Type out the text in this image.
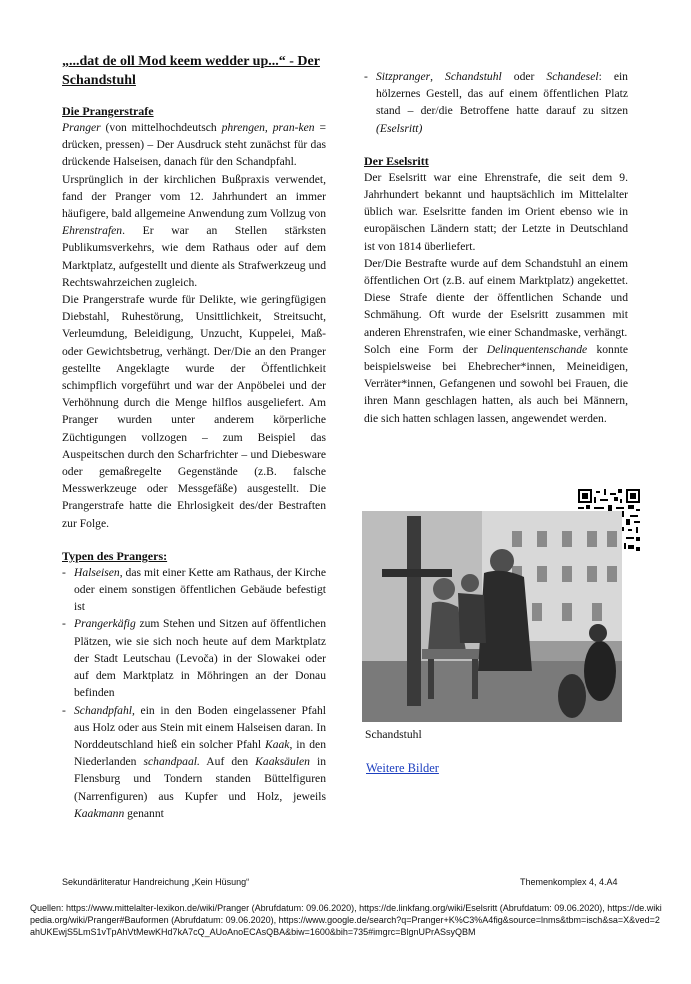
„...dat de oll Mod keem wedder up...“ - Der Schandstuhl
Die Prangerstrafe
Pranger (von mittelhochdeutsch phrengen, pran-ken = drücken, pressen) – Der Ausdruck steht zunächst für das drückende Halseisen, danach für den Schandpfahl.
Ursprünglich in der kirchlichen Bußpraxis verwendet, fand der Pranger vom 12. Jahrhundert an immer häufigere, bald allgemeine Anwendung zum Vollzug von Ehrenstrafen. Er war an Stellen stärksten Publikumsverkehrs, wie dem Rathaus oder auf dem Marktplatz, aufgestellt und diente als Strafwerkzeug und Rechtswahrzeichen zugleich.
Die Prangerstrafe wurde für Delikte, wie geringfügigen Diebstahl, Ruhestörung, Unsittlichkeit, Streitsucht, Verleumdung, Beleidigung, Unzucht, Kuppelei, Maß- oder Gewichtsbetrug, verhängt. Der/Die an den Pranger gestellte Angeklagte wurde der Öffentlichkeit schimpflich vorgeführt und war der Anpöbelei und der Verhöhnung durch die Menge hilflos ausgeliefert. Am Pranger wurden unter anderem körperliche Züchtigungen vollzogen – zum Beispiel das Auspeitschen durch den Scharfrichter – und Diebesware oder gemaßregelte Gegenstände (z.B. falsche Messwerkzeuge oder Messgefäße) ausgestellt. Die Prangerstrafe hatte die Ehrlosigkeit des/der Bestraften zur Folge.
Typen des Prangers:
- Halseisen, das mit einer Kette am Rathaus, der Kirche oder einem sonstigen öffentlichen Gebäude befestigt ist
- Prangerkäfig zum Stehen und Sitzen auf öffentlichen Plätzen, wie sie sich noch heute auf dem Marktplatz der Stadt Leutschau (Levoča) in der Slowakei oder auf dem Marktplatz in Möhringen an der Donau befinden
- Schandpfahl, ein in den Boden eingelassener Pfahl aus Holz oder aus Stein mit einem Halseisen daran. In Norddeutschland hieß ein solcher Pfahl Kaak, in den Niederlanden schandpaal. Auf den Kaaksäulen in Flensburg und Tondern standen Büttelfiguren (Narrenfiguren) aus Kupfer und Holz, jeweils Kaakmann genannt
- Sitzpranger, Schandstuhl oder Schandesel: ein hölzernes Gestell, das auf einem öffentlichen Platz stand – der/die Betroffene hatte darauf zu sitzen (Eselsritt)
Der Eselsritt
Der Eselsritt war eine Ehrenstrafe, die seit dem 9. Jahrhundert bekannt und hauptsächlich im Mittelalter üblich war. Eselsritte fanden im Orient ebenso wie in europäischen Ländern statt; der Letzte in Deutschland ist von 1814 überliefert.
Der/Die Bestrafte wurde auf dem Schandstuhl an einem öffentlichen Ort (z.B. auf einem Marktplatz) angekettet. Diese Strafe diente der öffentlichen Schande und Schmähung. Oft wurde der Eselsritt zusammen mit anderen Ehrenstrafen, wie einer Schandmaske, verhängt.
Solch eine Form der Delinquentenschande konnte beispielsweise bei Ehebrecher*innen, Meineidigen, Verräter*innen, Gefangenen und sowohl bei Frauen, die ihren Mann geschlagen hatten, als auch bei Männern, die sich hatten schlagen lassen, angewendet werden.
Schandstuhl
Weitere Bilder
Sekundärliteratur Handreichung „Kein Hüsung“	Themenkomplex 4, 4.A4
Quellen: https://www.mittelalter-lexikon.de/wiki/Pranger (Abrufdatum: 09.06.2020), https://de.linkfang.org/wiki/Eselsritt (Abrufdatum: 09.06.2020), https://de.wikipedia.org/wiki/Pranger#Bauformen (Abrufdatum: 09.06.2020), https://www.google.de/search?q=Pranger+K%C3%A4fig&source=lnms&tbm=isch&sa=X&ved=2ahUKEwjS5LmS1vTpAhVtMewKHd7kA7cQ_AUoAnoECAsQBA&biw=1600&bih=735#imgrc=BlgnUPrASsyQBM
